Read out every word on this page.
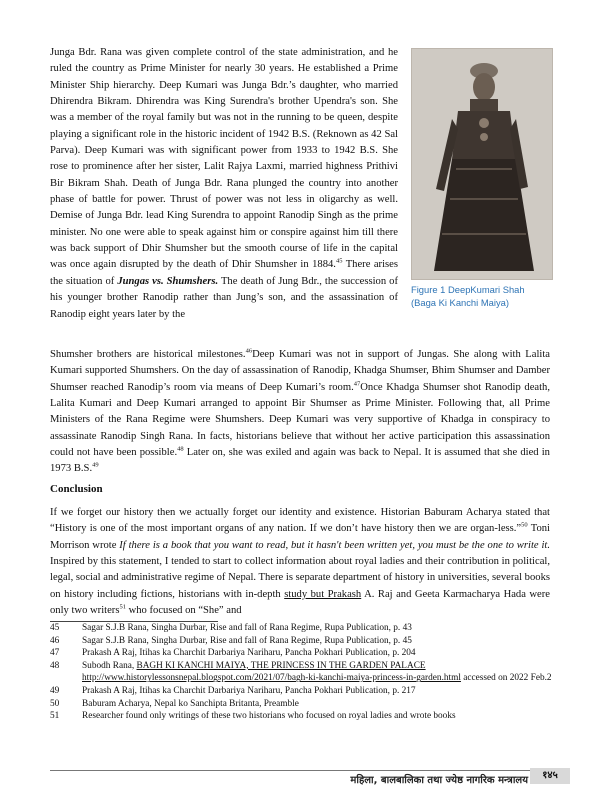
Junga Bdr. Rana was given complete control of the state administration, and he ruled the country as Prime Minister for nearly 30 years. He established a Prime Minister Ship hierarchy. Deep Kumari was Junga Bdr.’s daughter, who married Dhirendra Bikram. Dhirendra was King Surendra's brother Upendra's son. She was a member of the royal family but was not in the running to be queen, despite playing a significant role in the historic incident of 1942 B.S. (Reknown as 42 Sal Parva). Deep Kumari was with significant power from 1933 to 1942 B.S. She rose to prominence after her sister, Lalit Rajya Laxmi, married highness Prithivi Bir Bikram Shah. Death of Junga Bdr. Rana plunged the country into another phase of battle for power. Thrust of power was not less in oligarchy as well. Demise of Junga Bdr. lead King Surendra to appoint Ranodip Singh as the prime minister. No one were able to speak against him or conspire against him till there was back support of Dhir Shumsher but the smooth course of life in the capital was once again disrupted by the death of Dhir Shumsher in 1884.45 There arises the situation of Jungas vs. Shumshers. The death of Jung Bdr., the succession of his younger brother Ranodip rather than Jung’s son, and the assassination of Ranodip eight years later by the

Figure 1 DeepKumari Shah
(Baga Ki Kanchi Maiya)

Shumsher brothers are historical milestones.$^{46}$Deep Kumari was not in support of Jungas. She along with Lalita Kumari supported Shumshers. On the day of assassination of Ranodip, Khadga Shumser, Bhim Shumser and Damber Shumser reached Ranodip’s room via means of Deep Kumari’s room.$^{47}$Once Khadga Shumser shot Ranodip death, Lalita Kumari and Deep Kumari arranged to appoint Bir Shumser as Prime Minister. Following that, all Prime Ministers of the Rana Regime were Shumshers. Deep Kumari was very supportive of Khadga in conspiracy to assassinate Ranodip Singh Rana. In facts, historians believe that without her active participation this assassination could not have been possible.$^{48}$ Later on, she was exiled and again was back to Nepal. It is assumed that she died in 1973 B.S.$^{49}$

Conclusion

If we forget our history then we actually forget our identity and existence. Historian Baburam Acharya stated that “History is one of the most important organs of any nation. If we don’t have history then we are organ-less.”$^{50}$ Toni Morrison wrote If there is a book that you want to read, but it hasn't been written yet, you must be the one to write it. Inspired by this statement, I tended to start to collect information about royal ladies and their contribution in political, legal, social and administrative regime of Nepal. There is separate department of history in universities, several books on history including fictions, historians with in-depth study but Prakash A. Raj and Geeta Karmacharya Hada were only two writers$^{51}$ who focused on “She” and

45	Sagar S.J.B Rana, Singha Durbar, Rise and fall of Rana Regime, Rupa Publication, p. 43
46	Sagar S.J.B Rana, Singha Durbar, Rise and fall of Rana Regime, Rupa Publication, p. 45
47	Prakash A Raj, Itihas ka Charchit Darbariya Nariharu, Pancha Pokhari Publication, p. 204
48	Subodh Rana, BAGH KI KANCHI MAIYA, THE PRINCESS IN THE GARDEN PALACE http://www.historylessonsnepal.blogspot.com/2021/07/bagh-ki-kanchi-maiya-princess-in-garden.html accessed on 2022 Feb.2
49	Prakash A Raj, Itihas ka Charchit Darbariya Nariharu, Pancha Pokhari Publication, p. 217
50	Baburam Acharya, Nepal ko Sanchipta Britanta, Preamble
51	Researcher found only writings of these two historians who focused on royal ladies and wrote books
महिला, बालबालिका तथा ज्येष्ठ नागरिक मन्त्रालय	१४५
